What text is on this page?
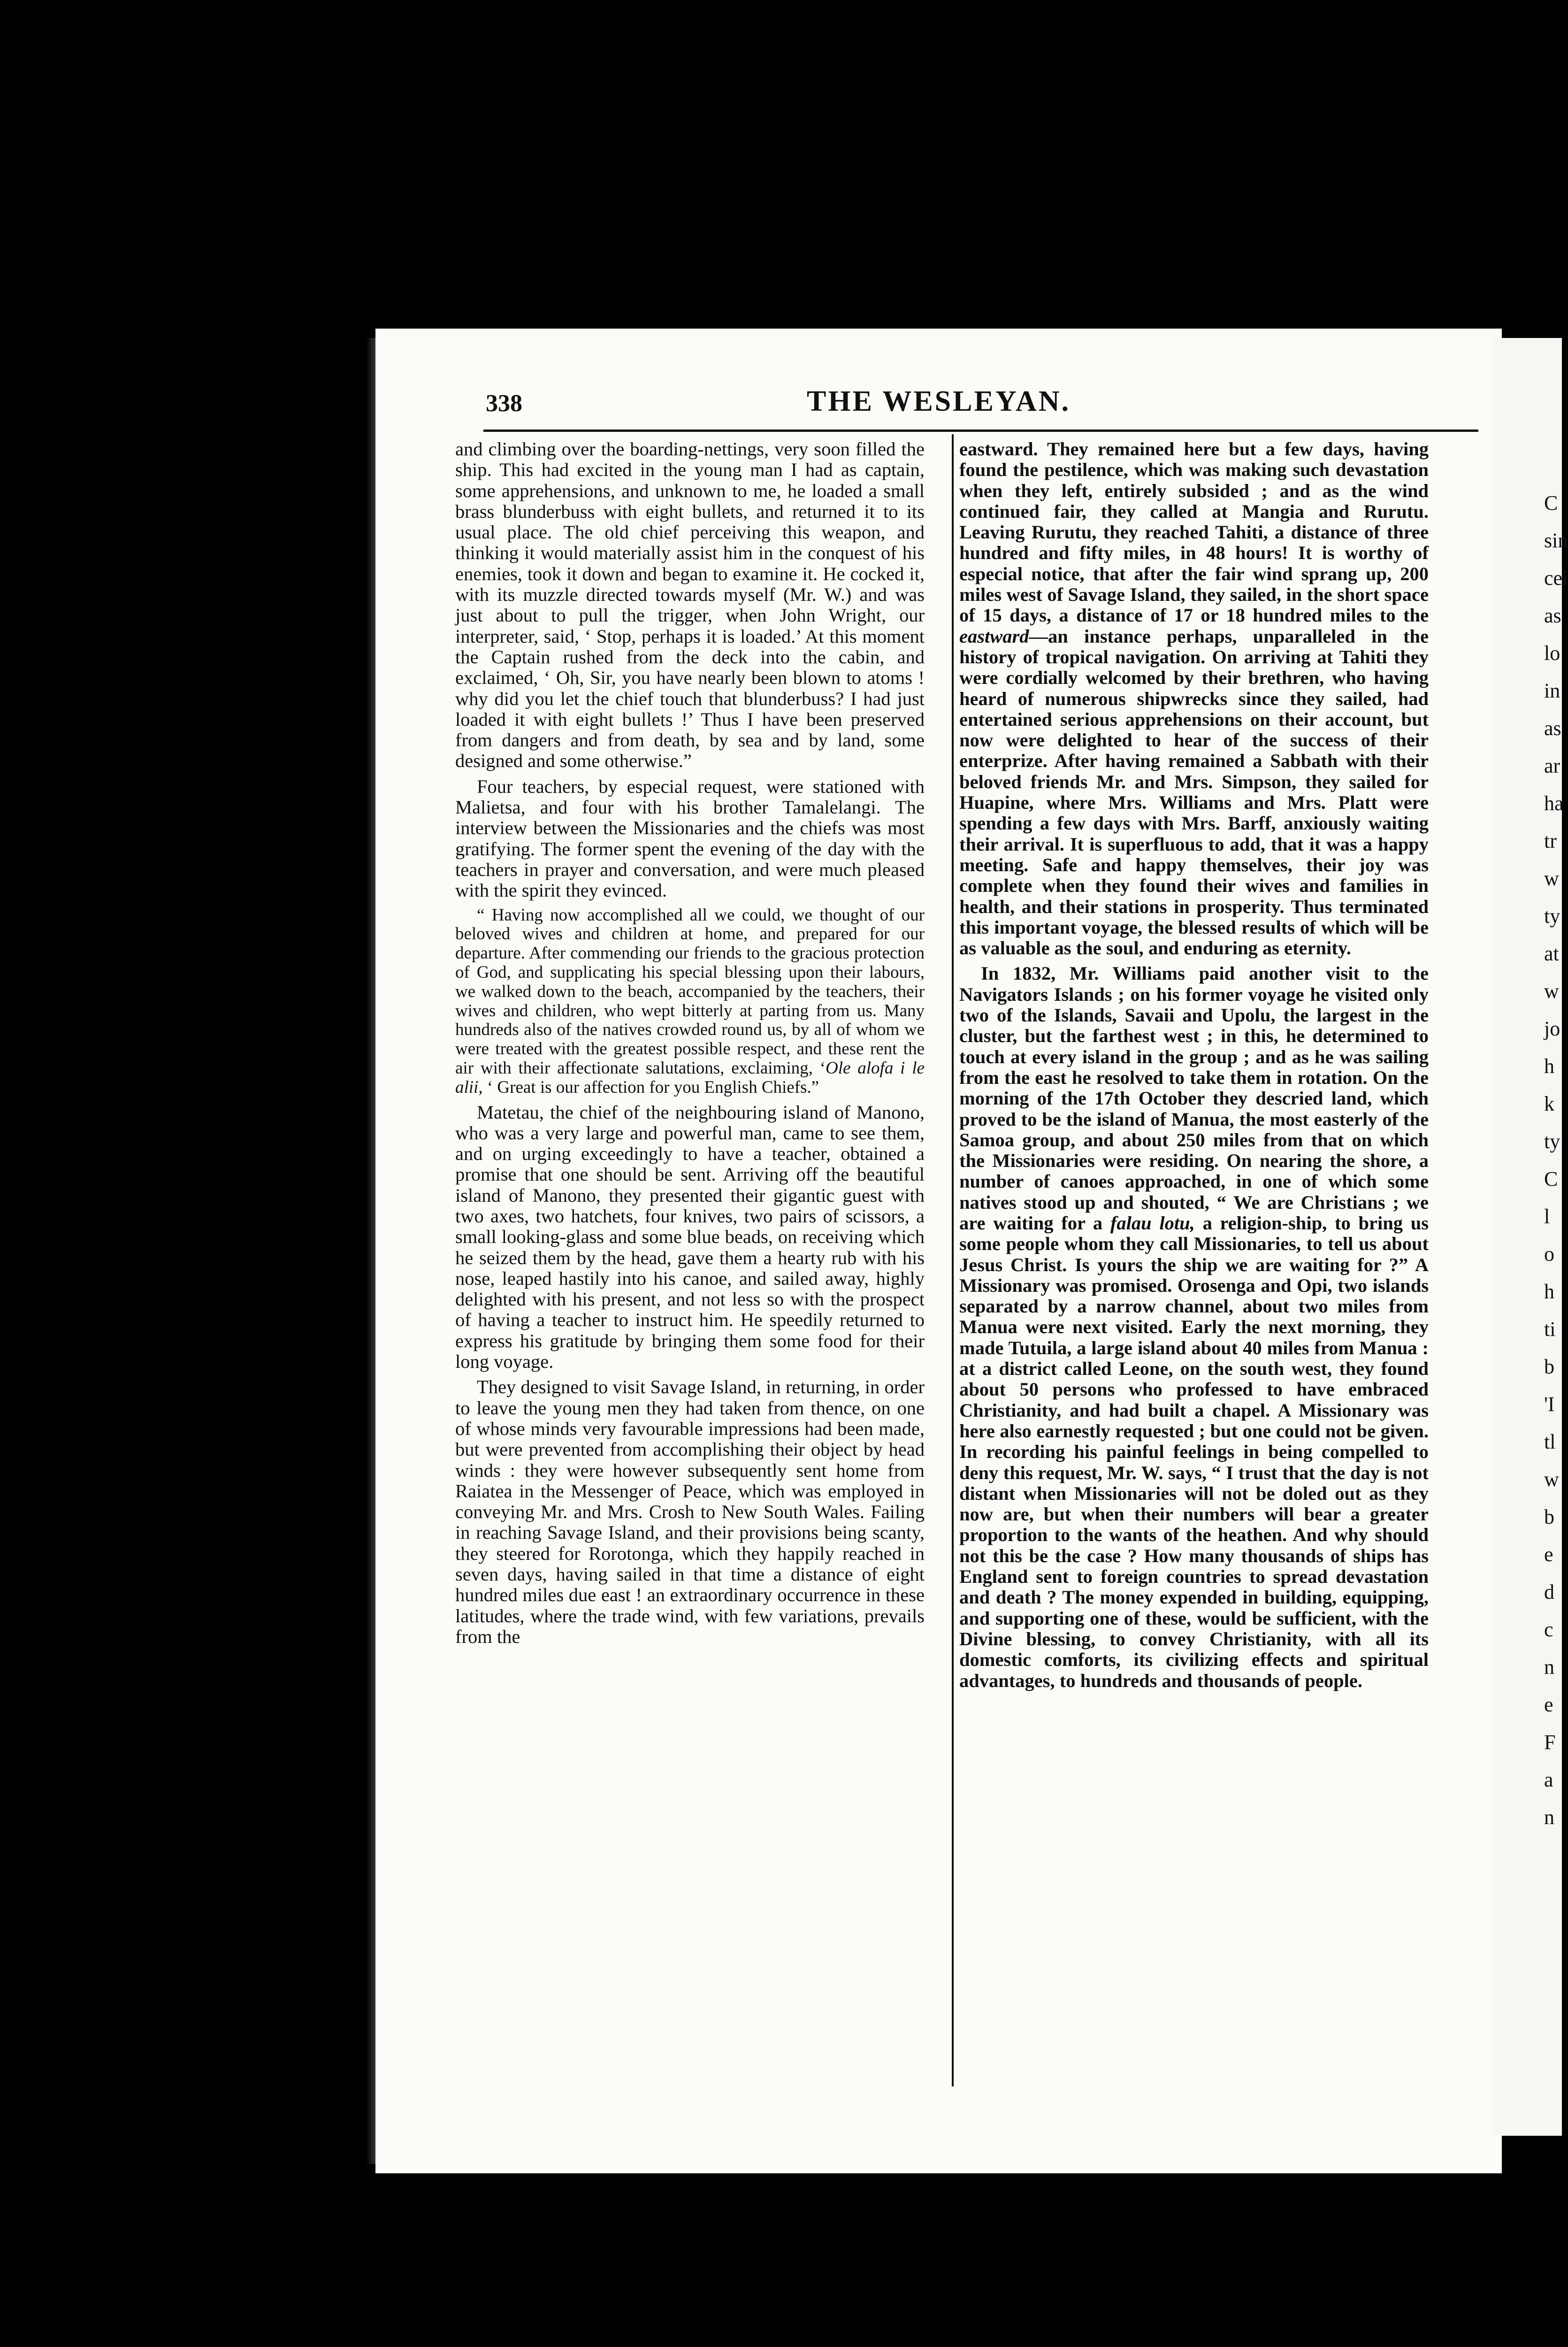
338	THE WESLEYAN.

and climbing over the boarding-nettings, very soon filled the ship. This had excited in the young man I had as captain, some apprehensions, and unknown to me, he loaded a small brass blunderbuss with eight bullets, and returned it to its usual place. The old chief perceiving this weapon, and thinking it would materially assist him in the conquest of his enemies, took it down and began to examine it. He cocked it, with its muzzle directed towards myself (Mr. W.) and was just about to pull the trigger, when John Wright, our interpreter, said, ‘ Stop, perhaps it is loaded.’ At this moment the Captain rushed from the deck into the cabin, and exclaimed, ‘ Oh, Sir, you have nearly been blown to atoms ! why did you let the chief touch that blunderbuss? I had just loaded it with eight bullets !’ Thus I have been preserved from dangers and from death, by sea and by land, some designed and some otherwise.”

Four teachers, by especial request, were stationed with Malietsa, and four with his brother Tamalelangi. The interview between the Missionaries and the chiefs was most gratifying. The former spent the evening of the day with the teachers in prayer and conversation, and were much pleased with the spirit they evinced.

“ Having now accomplished all we could, we thought of our beloved wives and children at home, and prepared for our departure. After commending our friends to the gracious protection of God, and supplicating his special blessing upon their labours, we walked down to the beach, accompanied by the teachers, their wives and children, who wept bitterly at parting from us. Many hundreds also of the natives crowded round us, by all of whom we were treated with the greatest possible respect, and these rent the air with their affectionate salutations, exclaiming, ‘Ole alofa i le alii, ‘ Great is our affection for you English Chiefs.”

Matetau, the chief of the neighbouring island of Manono, who was a very large and powerful man, came to see them, and on urging exceedingly to have a teacher, obtained a promise that one should be sent. Arriving off the beautiful island of Manono, they presented their gigantic guest with two axes, two hatchets, four knives, two pairs of scissors, a small looking-glass and some blue beads, on receiving which he seized them by the head, gave them a hearty rub with his nose, leaped hastily into his canoe, and sailed away, highly delighted with his present, and not less so with the prospect of having a teacher to instruct him. He speedily returned to express his gratitude by bringing them some food for their long voyage.

They designed to visit Savage Island, in returning, in order to leave the young men they had taken from thence, on one of whose minds very favourable impressions had been made, but were prevented from accomplishing their object by head winds : they were however subsequently sent home from Raiatea in the Messenger of Peace, which was employed in conveying Mr. and Mrs. Crosh to New South Wales. Failing in reaching Savage Island, and their provisions being scanty, they steered for Rorotonga, which they happily reached in seven days, having sailed in that time a distance of eight hundred miles due east ! an extraordinary occurrence in these latitudes, where the trade wind, with few variations, prevails from the

eastward. They remained here but a few days, having found the pestilence, which was making such devastation when they left, entirely subsided ; and as the wind continued fair, they called at Mangia and Rurutu. Leaving Rurutu, they reached Tahiti, a distance of three hundred and fifty miles, in 48 hours! It is worthy of especial notice, that after the fair wind sprang up, 200 miles west of Savage Island, they sailed, in the short space of 15 days, a distance of 17 or 18 hundred miles to the eastward—an instance perhaps, unparalleled in the history of tropical navigation. On arriving at Tahiti they were cordially welcomed by their brethren, who having heard of numerous shipwrecks since they sailed, had entertained serious apprehensions on their account, but now were delighted to hear of the success of their enterprize. After having remained a Sabbath with their beloved friends Mr. and Mrs. Simpson, they sailed for Huapine, where Mrs. Williams and Mrs. Platt were spending a few days with Mrs. Barff, anxiously waiting their arrival. It is superfluous to add, that it was a happy meeting. Safe and happy themselves, their joy was complete when they found their wives and families in health, and their stations in prosperity. Thus terminated this important voyage, the blessed results of which will be as valuable as the soul, and enduring as eternity.

In 1832, Mr. Williams paid another visit to the Navigators Islands ; on his former voyage he visited only two of the Islands, Savaii and Upolu, the largest in the cluster, but the farthest west ; in this, he determined to touch at every island in the group ; and as he was sailing from the east he resolved to take them in rotation. On the morning of the 17th October they descried land, which proved to be the island of Manua, the most easterly of the Samoa group, and about 250 miles from that on which the Missionaries were residing. On nearing the shore, a number of canoes approached, in one of which some natives stood up and shouted, “ We are Christians ; we are waiting for a falau lotu, a religion-ship, to bring us some people whom they call Missionaries, to tell us about Jesus Christ. Is yours the ship we are waiting for ?” A Missionary was promised. Orosenga and Opi, two islands separated by a narrow channel, about two miles from Manua were next visited. Early the next morning, they made Tutuila, a large island about 40 miles from Manua : at a district called Leone, on the south west, they found about 50 persons who professed to have embraced Christianity, and had built a chapel. A Missionary was here also earnestly requested ; but one could not be given. In recording his painful feelings in being compelled to deny this request, Mr. W. says, “ I trust that the day is not distant when Missionaries will not be doled out as they now are, but when their numbers will bear a greater proportion to the wants of the heathen. And why should not this be the case ? How many thousands of ships has England sent to foreign countries to spread devastation and death ? The money expended in building, equipping, and supporting one of these, would be sufficient, with the Divine blessing, to convey Christianity, with all its domestic comforts, its civilizing effects and spiritual advantages, to hundreds and thousands of people.

C
sin
cei
as
lo
in
as
ar
ha
tr
w
ty
at
w
jo
h
k
ty
C
l
o
h
ti
b
'I
tl
w
b
e
d
c
n
e
F
a
n
